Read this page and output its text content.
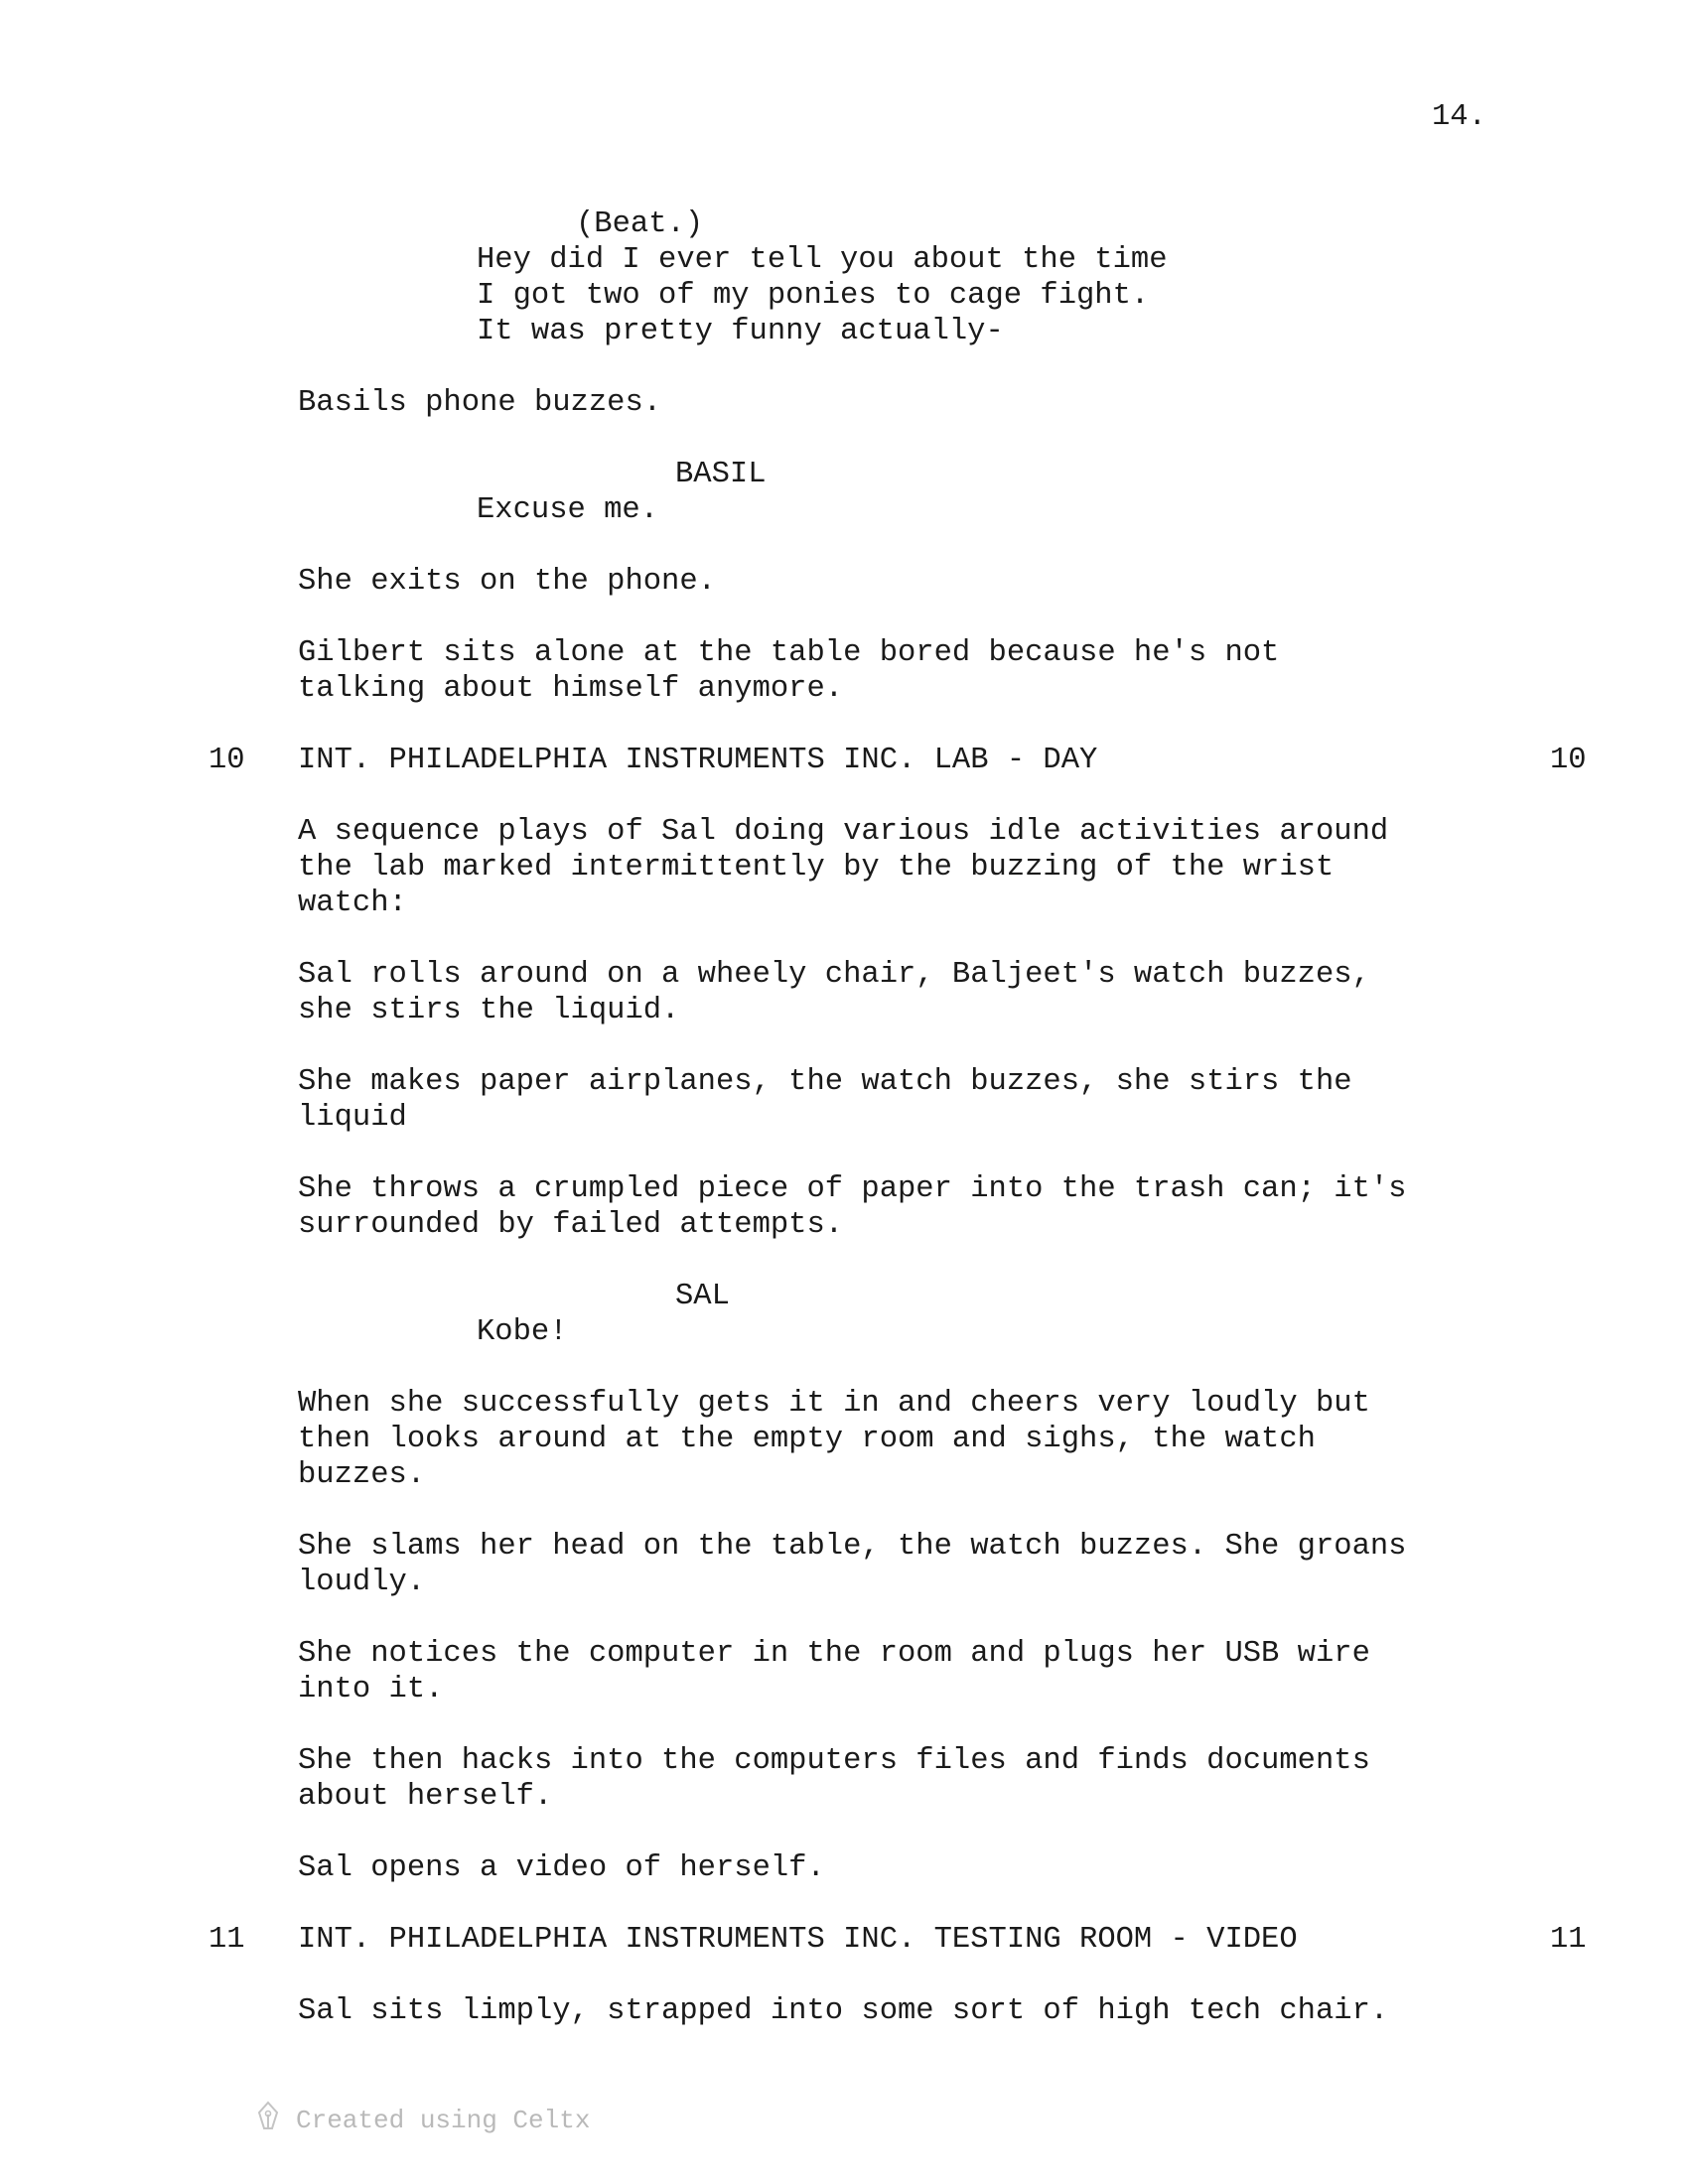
14.
(Beat.)
Hey did I ever tell you about the time
I got two of my ponies to cage fight.
It was pretty funny actually-
Basils phone buzzes.
BASIL
Excuse me.
She exits on the phone.
Gilbert sits alone at the table bored because he's not
talking about himself anymore.
10 INT. PHILADELPHIA INSTRUMENTS INC. LAB - DAY	10
A sequence plays of Sal doing various idle activities around
the lab marked intermittently by the buzzing of the wrist
watch:
Sal rolls around on a wheely chair, Baljeet's watch buzzes,
she stirs the liquid.
She makes paper airplanes, the watch buzzes, she stirs the
liquid
She throws a crumpled piece of paper into the trash can; it's
surrounded by failed attempts.
SAL
Kobe!
When she successfully gets it in and cheers very loudly but
then looks around at the empty room and sighs, the watch
buzzes.
She slams her head on the table, the watch buzzes. She groans
loudly.
She notices the computer in the room and plugs her USB wire
into it.
She then hacks into the computers files and finds documents
about herself.
Sal opens a video of herself.
11 INT. PHILADELPHIA INSTRUMENTS INC. TESTING ROOM - VIDEO	11
Sal sits limply, strapped into some sort of high tech chair.
Created using Celtx
